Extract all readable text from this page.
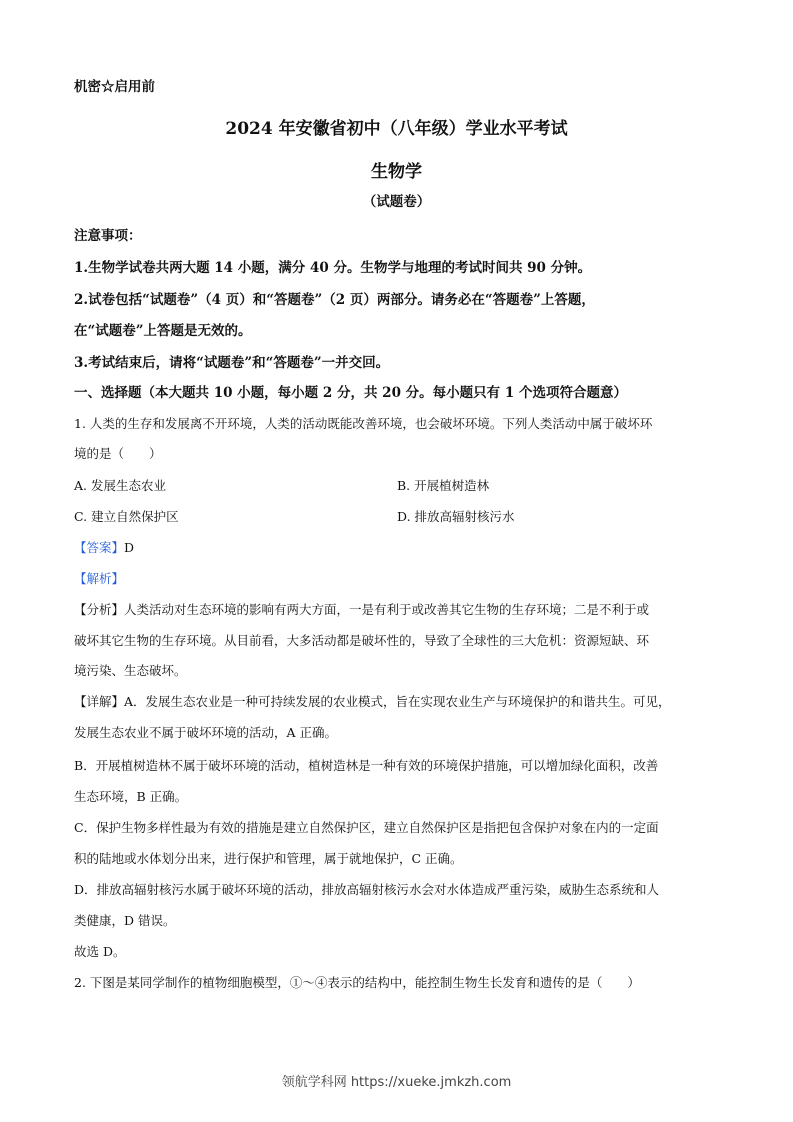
机密☆启用前
2024 年安徽省初中（八年级）学业水平考试
生物学
（试题卷）
注意事项：
1.生物学试卷共两大题 14 小题，满分 40 分。生物学与地理的考试时间共 90 分钟。
2.试卷包括“试题卷”（4 页）和“答题卷”（2 页）两部分。请务必在“答题卷”上答题，
在“试题卷”上答题是无效的。
3.考试结束后，请将“试题卷”和“答题卷”一并交回。
一、选择题（本大题共 10 小题，每小题 2 分，共 20 分。每小题只有 1 个选项符合题意）
1. 人类的生存和发展离不开环境，人类的活动既能改善环境，也会破坏环境。下列人类活动中属于破坏环
境的是（　　）
A. 发展生态农业	B. 开展植树造林
C. 建立自然保护区	D. 排放高辐射核污水
【答案】D
【解析】
【分析】人类活动对生态环境的影响有两大方面，一是有利于或改善其它生物的生存环境；二是不利于或
破坏其它生物的生存环境。从目前看，大多活动都是破坏性的，导致了全球性的三大危机：资源短缺、环
境污染、生态破坏。
【详解】A．发展生态农业是一种可持续发展的农业模式，旨在实现农业生产与环境保护的和谐共生。可见，
发展生态农业不属于破坏环境的活动，A 正确。
B．开展植树造林不属于破坏环境的活动，植树造林是一种有效的环境保护措施，可以增加绿化面积，改善
生态环境，B 正确。
C．保护生物多样性最为有效的措施是建立自然保护区，建立自然保护区是指把包含保护对象在内的一定面
积的陆地或水体划分出来，进行保护和管理，属于就地保护，C 正确。
D．排放高辐射核污水属于破坏环境的活动，排放高辐射核污水会对水体造成严重污染，威胁生态系统和人
类健康，D 错误。
故选 D。
2. 下图是某同学制作的植物细胞模型，①～④表示的结构中，能控制生物生长发育和遗传的是（　　）
领航学科网 https://xueke.jmkzh.com
